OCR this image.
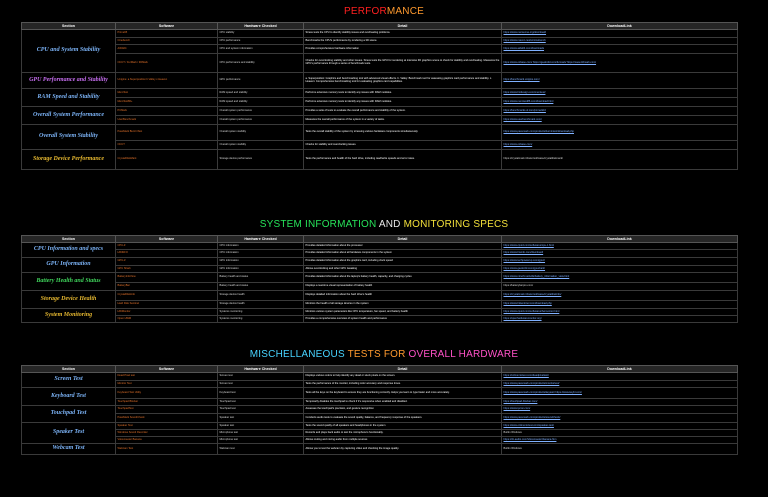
PERFORMANCE
Section	Software	Hardware Checked	Detail	DownloadLink
CPU and System Stability	Prime95	CPU stability	Stress tests the CPU to identify stability issues and overheating problems.	https://www.mersenne.org/download/
	Cinebench	CPU performance	Benchmarks the CPU's performance by rendering a 3D scene.	https://www.maxon.net/en/cinebench
	AIDA64	CPU and system information	Provides comprehensive hardware information	https://www.aida64.com/downloads
	OCCT / FurMark / 3DMark	CPU performance and stability	Checks for overclocking stability and other issues. Stress tests the GPU for rendering at intensive 3D graphics scene to check for stability and overheating. Measures the GPU's performance through a series of benchmark tests.	https://www.ocbase.com/ https://geeks3d.com/furmark/ https://www.3dmark.com/
GPU Performance and Stability	Unigine: a.Superposition b.Valley c.Heaven	GPU performance	a. Superposition: Graphics and benchmarking tool with advanced visual effects. b. Valley: Benchmark tool for assessing graphics card performance and stability. c. Heaven: Comprehensive benchmarking tool for evaluating graphics card capabilities.	https://benchmark.unigine.com/
RAM Speed and Stability	MemTest	RAM speed and stability	Performs extensive memory tests to identify any issues with RAM modules.	https://www.hcidesign.com/memtest/
	MemTest86+	RAM speed and stability	Performs extensive memory tests to identify any issues with RAM modules.	https://www.memtest86.com/download.html
Overall System Performance	PCMark	Overall system performance	Provides a suite of tests to evaluate the overall performance and stability of the system.	https://benchmarks.ul.com/pcmark10
	UserBenchmark	Overall system performance	Measures the overall performance of the system in a variety of tasks.	https://www.userbenchmark.com/
Overall System Stability	PassMark BurnInTest	Overall system stability	Tests the overall stability of the system by stressing various hardware components simultaneously.	https://www.passmark.com/products/burnintest/download.php
	OCCT	Overall system stability	Checks for stability and overclocking issues.	https://www.ocbase.com/
Storage Device Performance	CrystalDiskMark	Storage device performance	Tests the performance and health of the hard drive, including read/write speeds and error rates.	https://crystalmark.info/en/software/crystaldiskmark/
SYSTEM INFORMATION AND MONITORING SPECS
Section	Software	Hardware Checked	Detail	DownloadLink
CPU Information and specs	CPU-Z	CPU information	Provides detailed information about the processor	https://www.cpuid.com/softwares/cpu-z.html
	HWiNFO	CPU information	Provides detailed information about all hardware components in the system	https://www.hwinfo.com/download/
GPU Information	GPU-Z	GPU information	Provides detailed information about the graphics card, including clock speed	https://www.techpowerup.com/gpuz/
	GPU Shark	GPU information	Allows overclocking and other GPU tweaking	https://www.geeks3d.com/gpushark/
Battery Health and Status	BatteryInfoView	Battery health and status	Provides detailed information about the laptop's battery health, capacity, and charging cycles	https://www.nirsoft.net/utils/battery_information_view.html
	BatteryBar	Battery health and status	Displays a real-time visual representation of battery health	https://batterybarpro.com/
Storage Device Health	CrystalDiskInfo	Storage device health	Displays detailed information about the hard drive's health	https://crystalmark.info/en/software/crystaldiskinfo/
	Hard Disk Sentinel	Storage device health	Monitors the health of all storage devices in the system	https://www.hdsentinel.com/download.php
System Monitoring	HWMonitor	Systems monitoring	Monitors various system parameters like CPU temperature, fan speed, and battery health	https://www.cpuid.com/softwares/hwmonitor.html
	Open HWM	Systems monitoring	Provides a comprehensive overview of system health and performance	https://openhardwaremonitor.org/
MISCHELLANEOUS TESTS FOR OVERALL HARDWARE
Section	Software	Hardware Checked	Detail	DownloadLink
Screen Test	Dead Pixel test	Screen test	Displays various colors to help identify any dead or stuck pixels on the screen.	https://onlinemictest.com/deadpixeltest/
	Monitor Test	Screen test	Tests the performance of the monitor, including color accuracy and response times.	https://www.passmark.com/products/monitortest/
Keyboard Test	Keyboard Test Utility	Keyboard test	Tests all the keys on the keyboard to ensure they are functioning correctly. Helps you learn to type faster and more accurately.	https://www.passmark.com/products/keytest/ https://www.keybr.com/
	Touchpad Blocker	Touchpad test	Temporarily disables the touchpad to check if it's responsive when enabled and disabled.	https://touchpad-blocker.com/
Touchpad Test	TouchpadTest	Touchpad test	Assesses the touchpad's precision, and gesture recognition	https://www.tpcon.com/
	PassMark SoundCheck	Speaker test	Conducts audio tests to evaluate the sound quality, balance, and frequency response of the speakers.	https://www.passmark.com/products/soundcheck/
Speaker Test	Speaker Test	Speaker test	Tests the sound quality of all speakers and headphones in the system	https://www.onlinemictest.com/speaker-test/
	Windows Sound Recorder	Microphone test	Records and plays back audio to test the microphone's functionality.	Builtin Windows
	Voicemeeter Banana	Microphone test	Allows routing and mixing audio from multiple sources	https://vb-audio.com/Voicemeeter/banana.htm
Webcam Test	Webcam Test	Webcam test	Allows you to test the webcam by capturing video and checking the image quality.	Builtin Windows
